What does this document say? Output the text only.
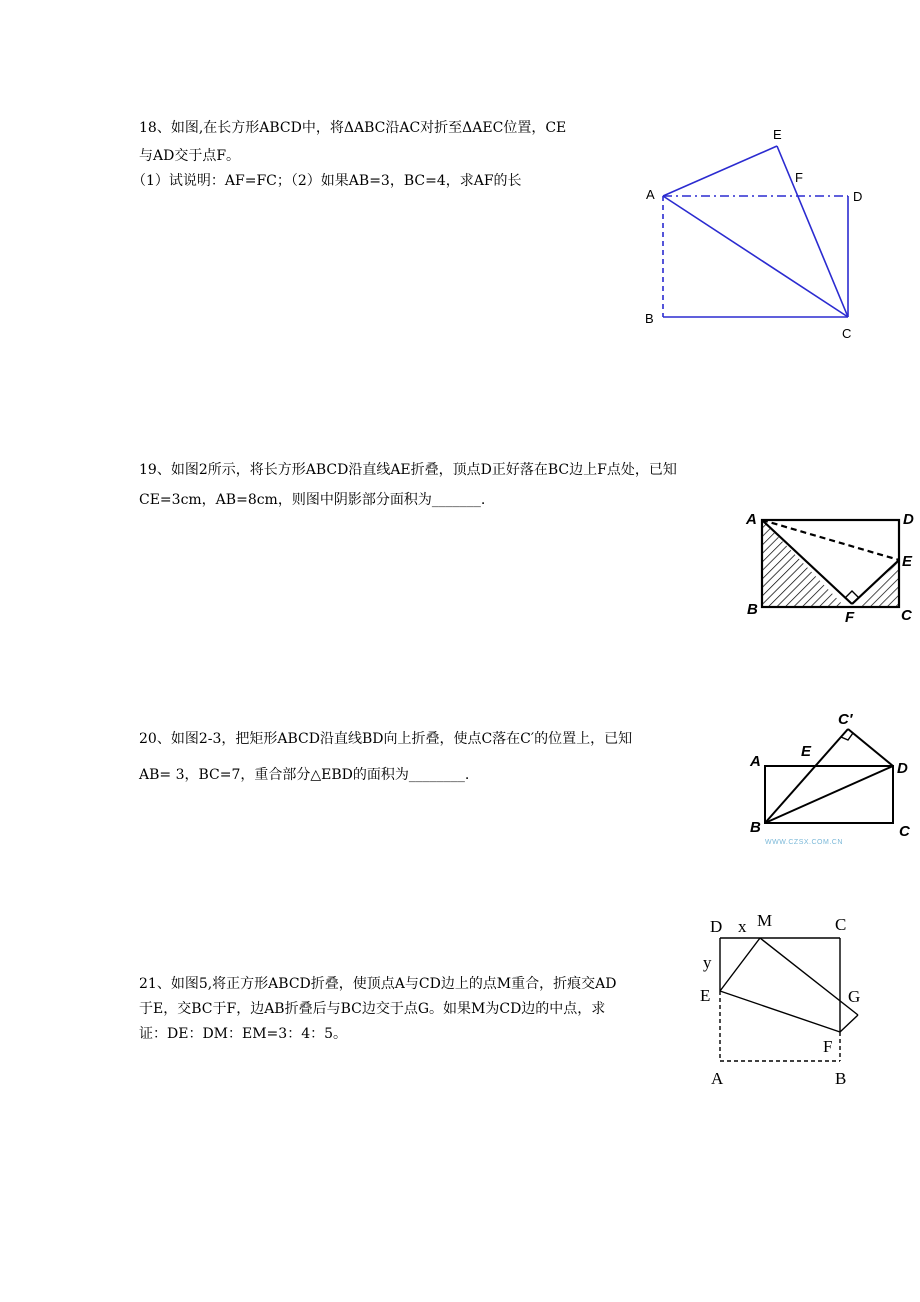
18、如图,在长方形ABCD中，将ΔABC沿AC对折至ΔAEC位置，CE
与AD交于点F。
（1）试说明：AF=FC；（2）如果AB=3，BC=4，求AF的长
A
B
C
D
E
F
19、如图2所示，将长方形ABCD沿直线AE折叠，顶点D正好落在BC边上F点处，已知
CE=3cm，AB=8cm，则图中阴影部分面积为_______.
A
B	C
D
E
F
20、如图2-3，把矩形ABCD沿直线BD向上折叠，使点C落在C′的位置上，已知
AB= 3，BC=7，重合部分△EBD的面积为________.
A
B	C
D
E
C′
WWW.CZSX.COM.CN
21、如图5,将正方形ABCD折叠，使顶点A与CD边上的点M重合，折痕交AD
于E，交BC于F，边AB折叠后与BC边交于点G。如果M为CD边的中点，求
证：DE：DM：EM=3：4：5。
D x M	C
y
E	G
F
A	B
